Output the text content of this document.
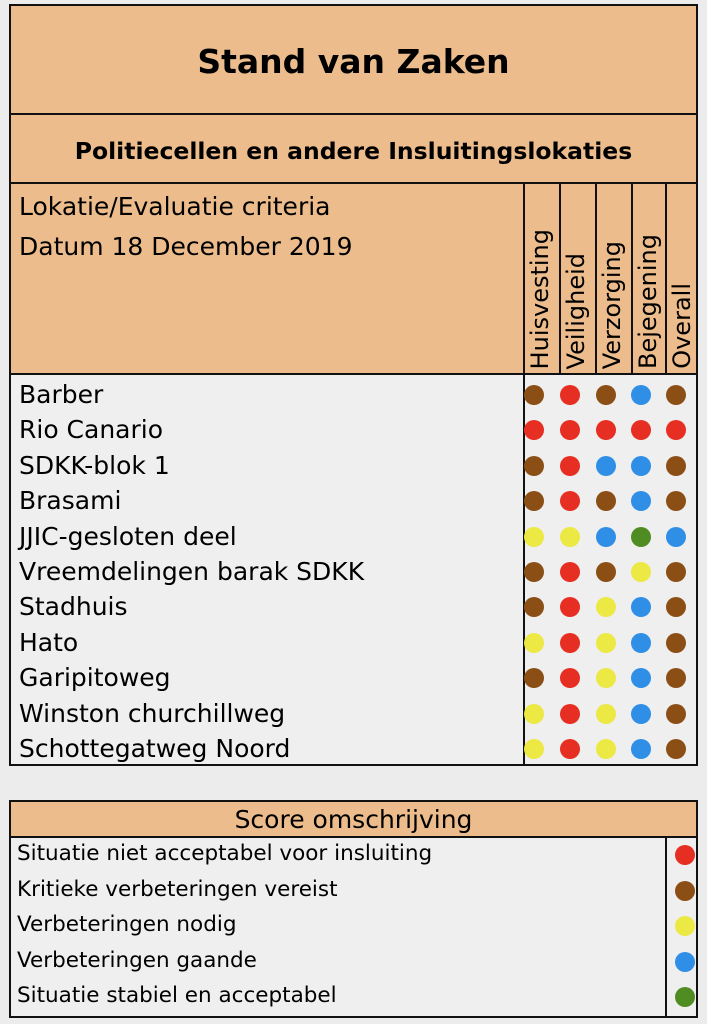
Stand van Zaken
Politiecellen en andere Insluitingslokaties
Lokatie/Evaluatie criteria
Datum 18 December 2019	Huisvesting Veiligheid Verzorging Bejegening Overall
Barber
Rio Canario
SDKK-blok 1
Brasami
JJIC-gesloten deel
Vreemdelingen barak SDKK
Stadhuis
Hato
Garipitoweg
Winston churchillweg
Schottegatweg Noord
Score omschrijving
Situatie niet acceptabel voor insluiting
Kritieke verbeteringen vereist
Verbeteringen nodig
Verbeteringen gaande
Situatie stabiel en acceptabel
